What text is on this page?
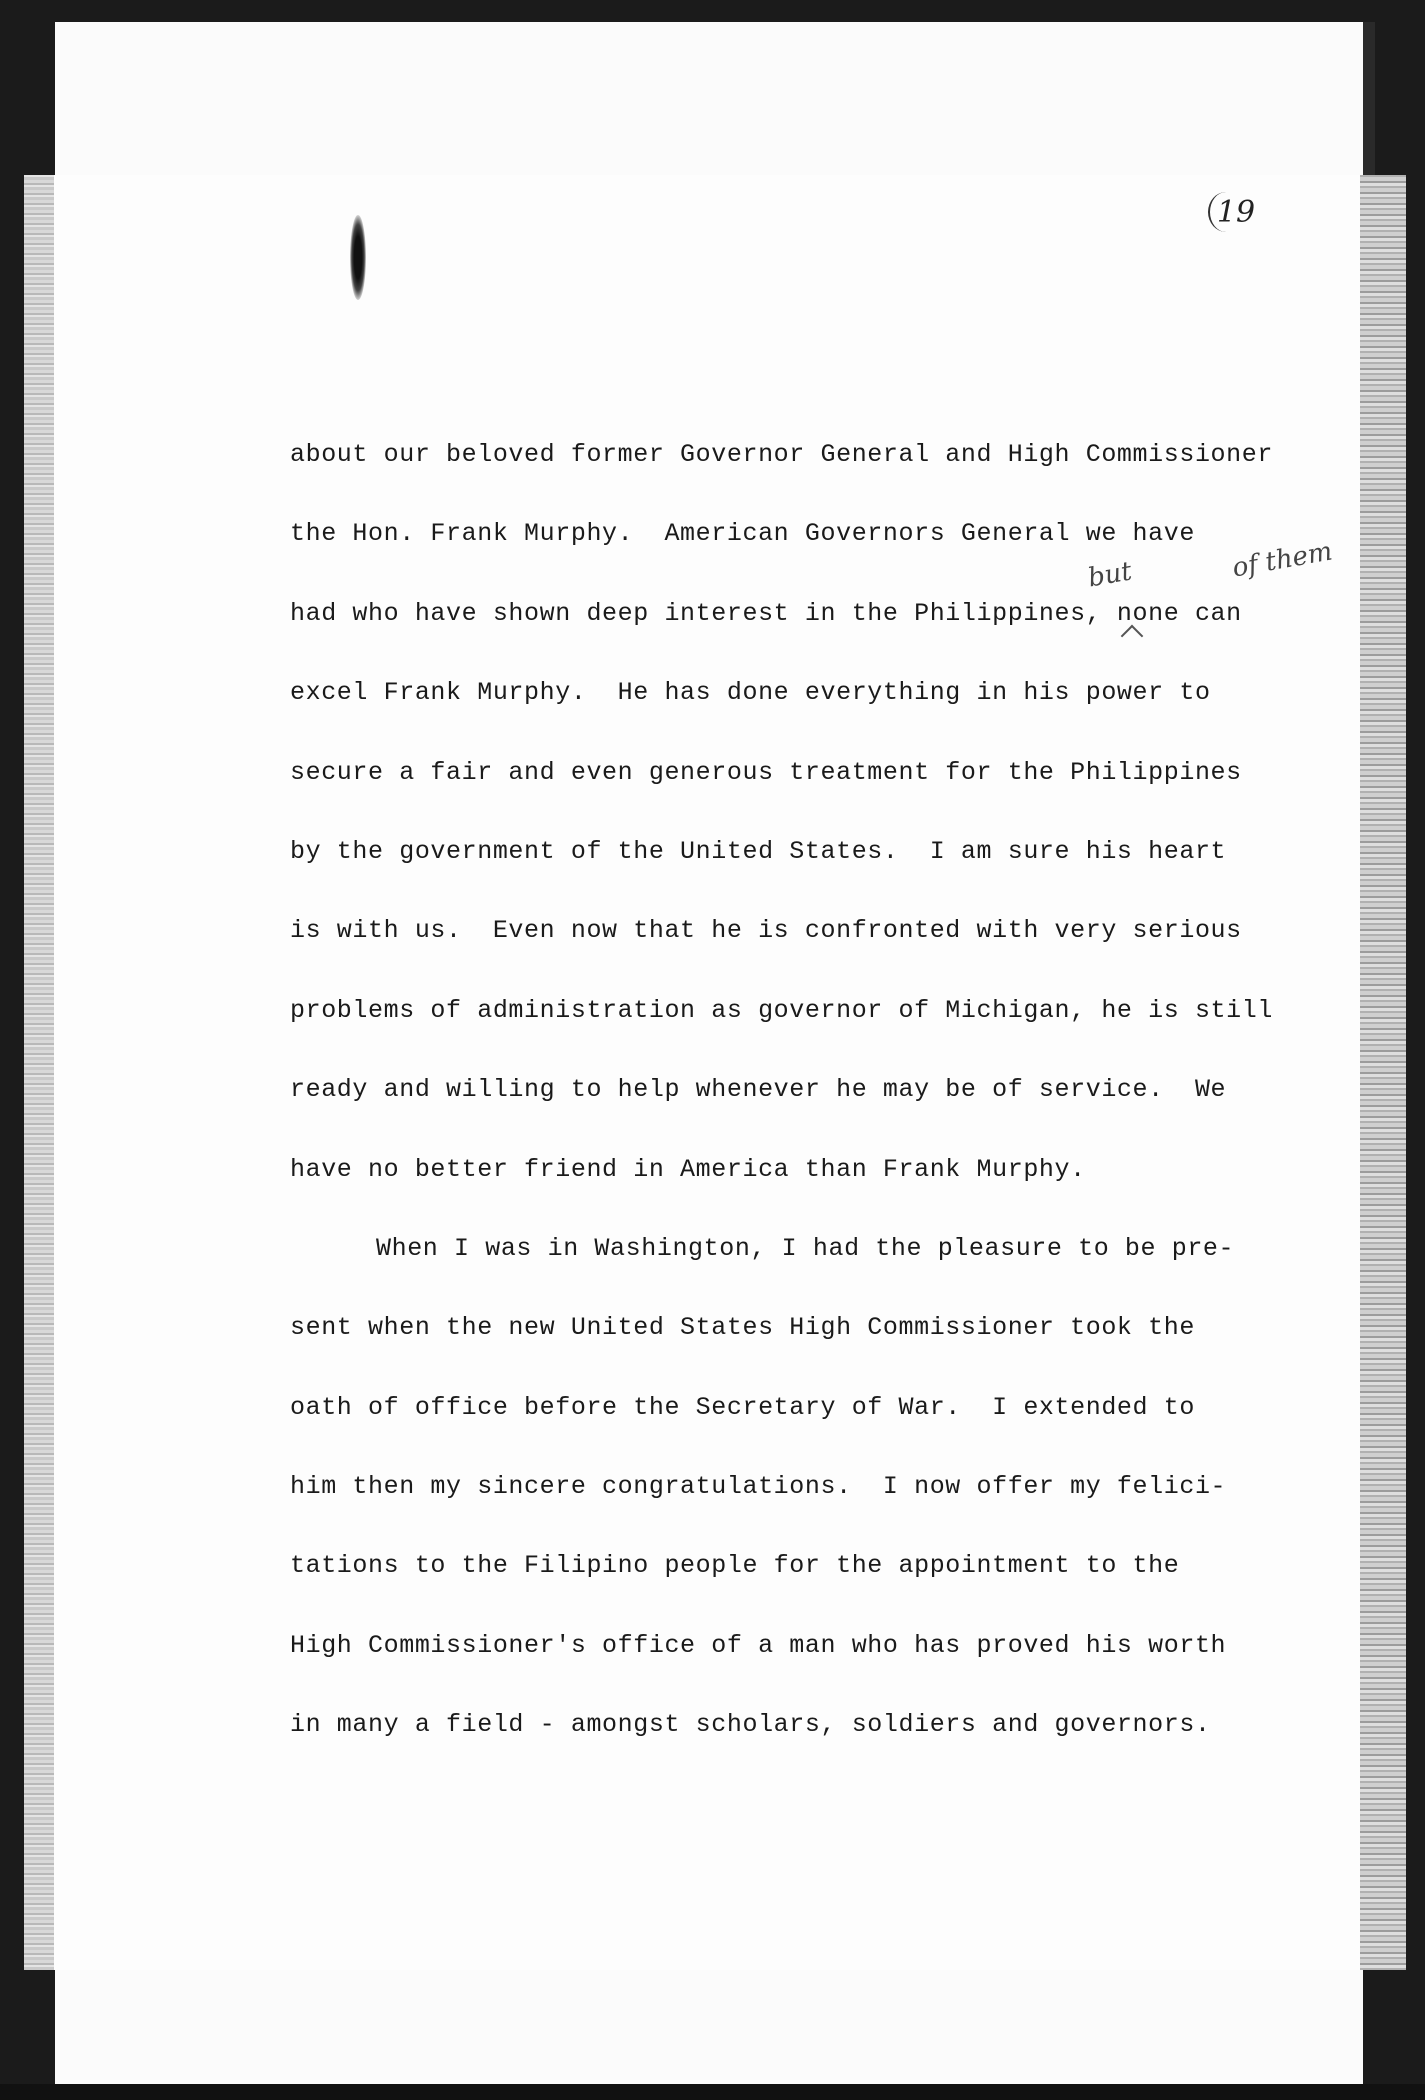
19
but	of them
about our beloved former Governor General and High Commissioner
the Hon. Frank Murphy.  American Governors General we have
had who have shown deep interest in the Philippines, none can
excel Frank Murphy.  He has done everything in his power to
secure a fair and even generous treatment for the Philippines
by the government of the United States.  I am sure his heart
is with us.  Even now that he is confronted with very serious
problems of administration as governor of Michigan, he is still
ready and willing to help whenever he may be of service.  We
have no better friend in America than Frank Murphy.
When I was in Washington, I had the pleasure to be pre-
sent when the new United States High Commissioner took the
oath of office before the Secretary of War.  I extended to
him then my sincere congratulations.  I now offer my felici-
tations to the Filipino people for the appointment to the
High Commissioner's office of a man who has proved his worth
in many a field - amongst scholars, soldiers and governors.
